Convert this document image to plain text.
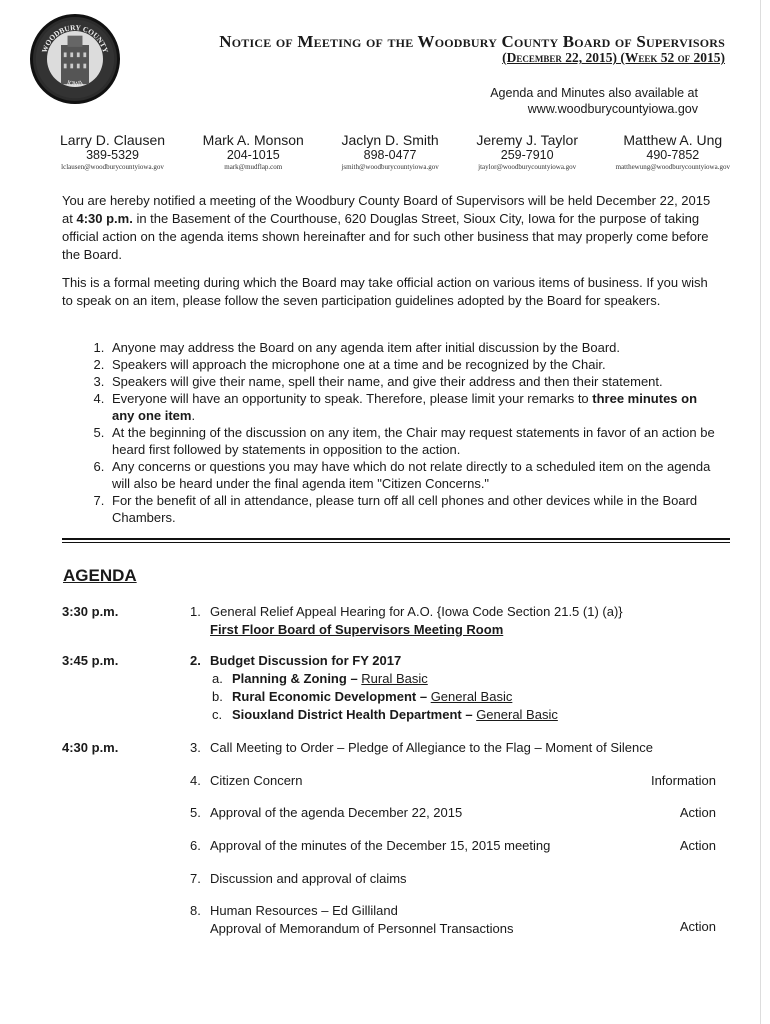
WOODBURY COUNTY
IOWA
Notice of Meeting of the Woodbury County Board of Supervisors
(December 22, 2015) (Week 52 of 2015)
Agenda and Minutes also available at
www.woodburycountyiowa.gov
Larry D. Clausen
389-5329
lclausen@woodburycountyiowa.gov
Mark A. Monson
204-1015
mark@mudflap.com
Jaclyn D. Smith
898-0477
jsmith@woodburycountyiowa.gov
Jeremy J. Taylor
259-7910
jtaylor@woodburycountyiowa.gov
Matthew A. Ung
490-7852
matthewung@woodburycountyiowa.gov
You are hereby notified a meeting of the Woodbury County Board of Supervisors will be held December 22, 2015 at 4:30 p.m. in the Basement of the Courthouse, 620 Douglas Street, Sioux City, Iowa for the purpose of taking official action on the agenda items shown hereinafter and for such other business that may properly come before the Board.
This is a formal meeting during which the Board may take official action on various items of business. If you wish to speak on an item, please follow the seven participation guidelines adopted by the Board for speakers.
1. Anyone may address the Board on any agenda item after initial discussion by the Board.
2. Speakers will approach the microphone one at a time and be recognized by the Chair.
3. Speakers will give their name, spell their name, and give their address and then their statement.
4. Everyone will have an opportunity to speak. Therefore, please limit your remarks to three minutes on any one item.
5. At the beginning of the discussion on any item, the Chair may request statements in favor of an action be heard first followed by statements in opposition to the action.
6. Any concerns or questions you may have which do not relate directly to a scheduled item on the agenda will also be heard under the final agenda item "Citizen Concerns."
7. For the benefit of all in attendance, please turn off all cell phones and other devices while in the Board Chambers.
AGENDA
3:30 p.m.	1. General Relief Appeal Hearing for A.O. {Iowa Code Section 21.5 (1) (a)}
First Floor Board of Supervisors Meeting Room
3:45 p.m.	2. Budget Discussion for FY 2017
a. Planning & Zoning – Rural Basic
b. Rural Economic Development – General Basic
c. Siouxland District Health Department – General Basic
4:30 p.m.	3. Call Meeting to Order – Pledge of Allegiance to the Flag – Moment of Silence
4. Citizen Concern	Information
5. Approval of the agenda December 22, 2015	Action
6. Approval of the minutes of the December 15, 2015 meeting	Action
7. Discussion and approval of claims
8. Human Resources – Ed Gilliland
Approval of Memorandum of Personnel Transactions	Action
